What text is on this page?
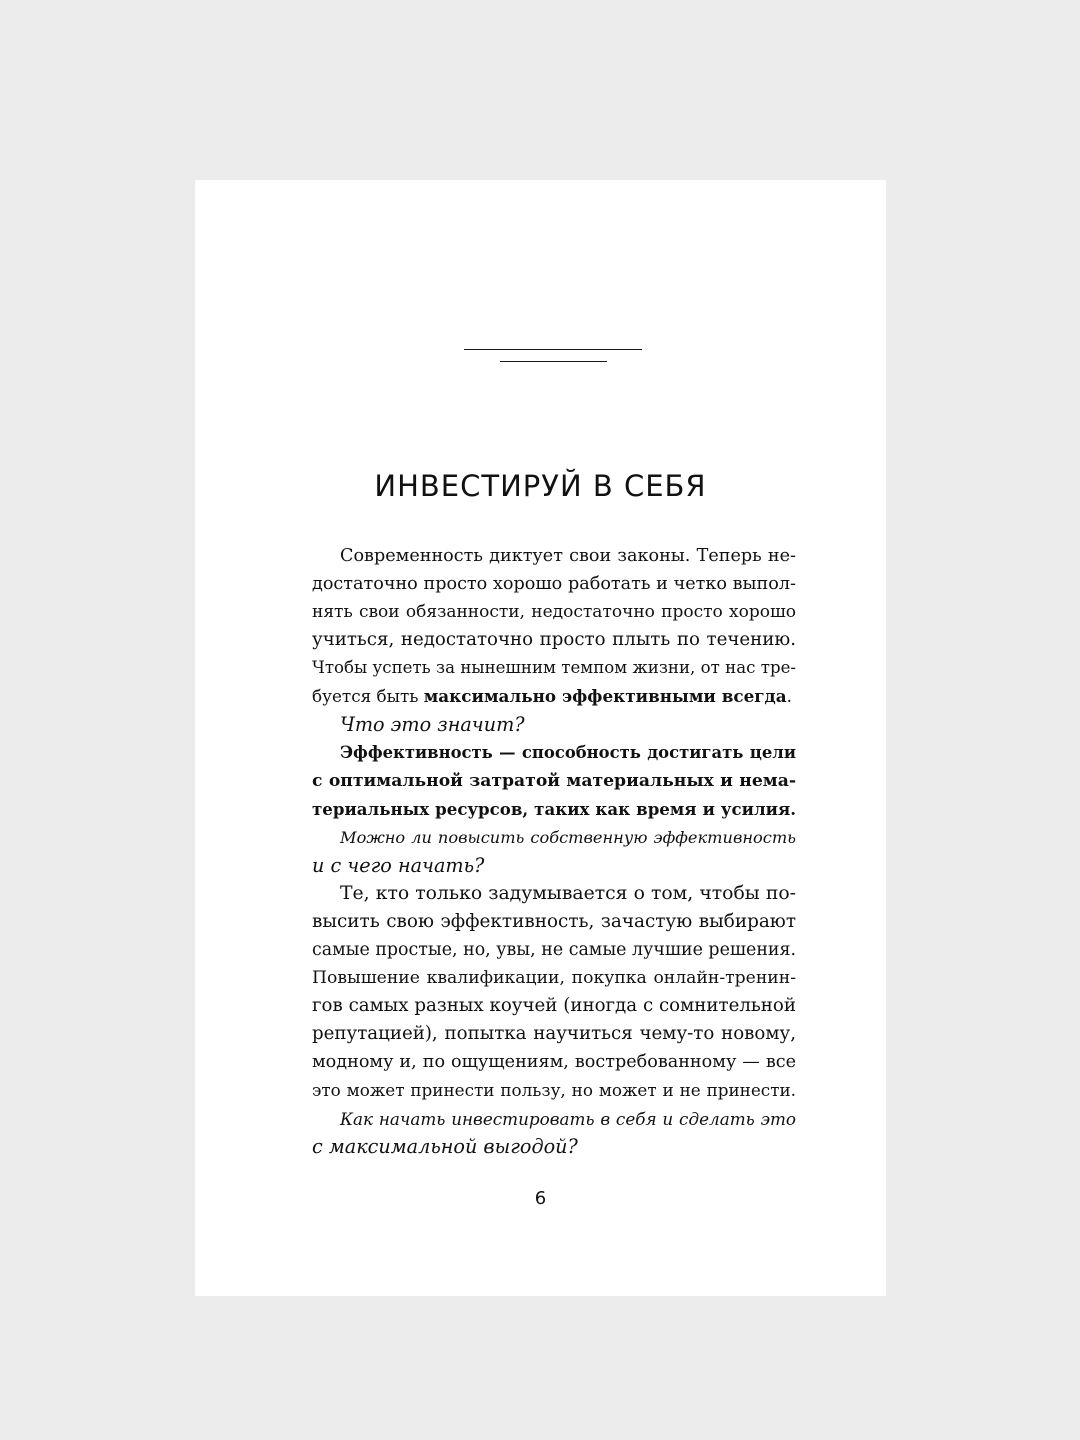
ИНВЕСТИРУЙ В СЕБЯ
Современность диктует свои законы. Теперь не-
достаточно просто хорошо работать и четко выпол-
нять свои обязанности, недостаточно просто хорошо
учиться, недостаточно просто плыть по течению.
Чтобы успеть за нынешним темпом жизни, от нас тре-
буется быть максимально эффективными всегда.
Что это значит?
Эффективность — способность достигать цели
с оптимальной затратой материальных и нема-
териальных ресурсов, таких как время и усилия.
Можно ли повысить собственную эффективность
и с чего начать?
Те, кто только задумывается о том, чтобы по-
высить свою эффективность, зачастую выбирают
самые простые, но, увы, не самые лучшие решения.
Повышение квалификации, покупка онлайн-тренин-
гов самых разных коучей (иногда с сомнительной
репутацией), попытка научиться чему-то новому,
модному и, по ощущениям, востребованному — все
это может принести пользу, но может и не принести.
Как начать инвестировать в себя и сделать это
с максимальной выгодой?
6
